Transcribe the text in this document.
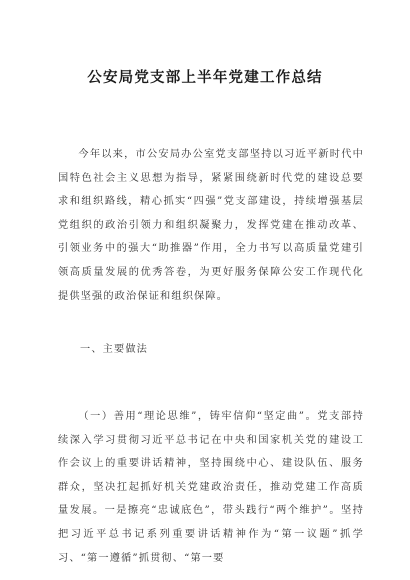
公安局党支部上半年党建工作总结

今年以来，市公安局办公室党支部坚持以习近平新时代中国特色社会主义思想为指导，紧紧围绕新时代党的建设总要求和组织路线，精心抓实“四强”党支部建设，持续增强基层党组织的政治引领力和组织凝聚力，发挥党建在推动改革、引领业务中的强大“助推器”作用，全力书写以高质量党建引领高质量发展的优秀答卷，为更好服务保障公安工作现代化提供坚强的政治保证和组织保障。

一、主要做法

（一）善用“理论思维”，铸牢信仰“坚定曲”。党支部持续深入学习贯彻习近平总书记在中央和国家机关党的建设工作会议上的重要讲话精神，坚持围绕中心、建设队伍、服务群众，坚决扛起抓好机关党建政治责任，推动党建工作高质量发展。一是擦亮“忠诚底色”，带头践行“两个维护”。坚持把习近平总书记系列重要讲话精神作为“第一议题”抓学习、“第一遵循”抓贯彻、“第一要
